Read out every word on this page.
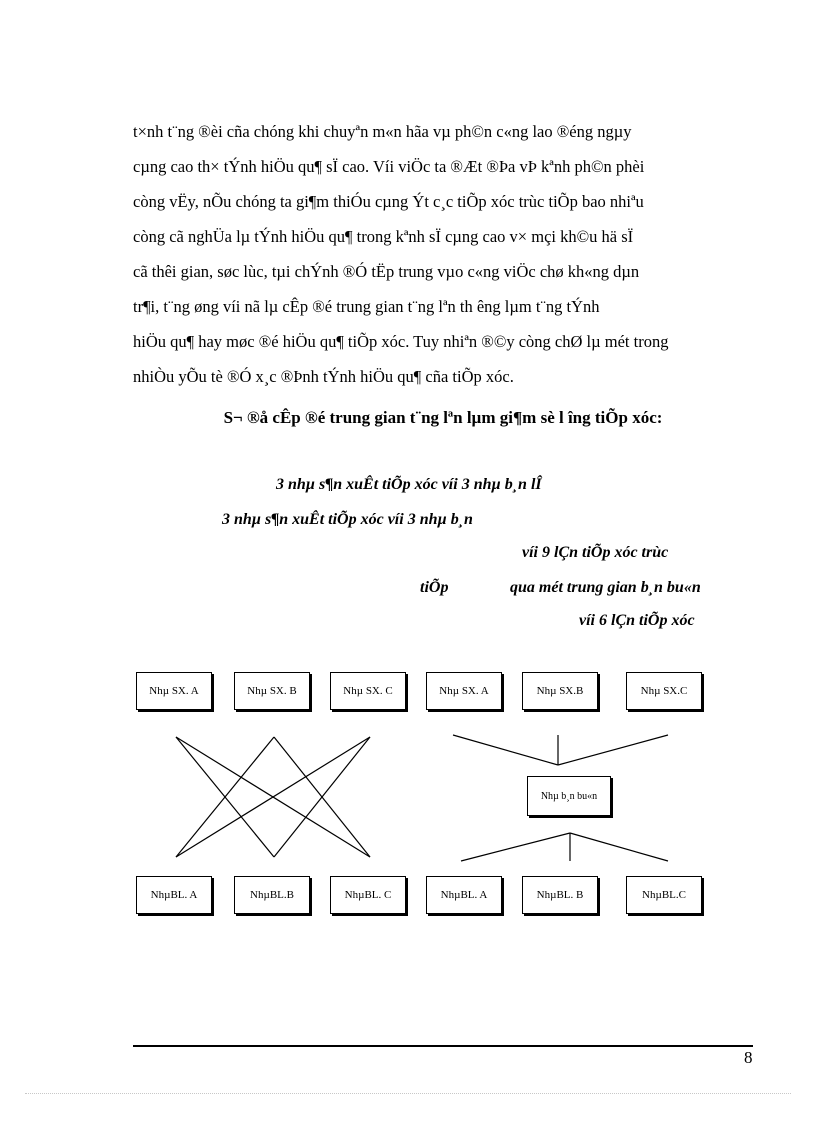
t×nh t¨ng ®èi cña chóng khi chuyªn m«n hãa vµ ph©n c«ng lao ®éng ngµy
cµng cao th× tÝnh hiÖu qu¶ sÏ cao. Víi viÖc ta ®Æt ®Þa vÞ kªnh ph©n phèi
còng vËy, nÕu chóng ta gi¶m thiÓu cµng Ýt c¸c tiÕp xóc trùc tiÕp bao nhiªu
còng cã nghÜa lµ tÝnh hiÖu qu¶ trong kªnh sÏ cµng cao v× mçi kh©u hä sÏ
cã thêi gian, søc lùc, tµi chÝnh ®Ó tËp trung vµo c«ng viÖc chø kh«ng dµn
tr¶i, t¨ng øng víi nã lµ cÊp ®é trung gian t¨ng lªn th êng lµm t¨ng tÝnh
hiÖu qu¶ hay møc ®é hiÖu qu¶ tiÕp xóc. Tuy nhiªn ®©y còng chØ lµ mét trong
nhiÒu yÕu tè ®Ó x¸c ®Þnh tÝnh hiÖu qu¶ cña tiÕp xóc.
S¬ ®å cÊp ®é trung gian t¨ng lªn lµm gi¶m sè l îng tiÕp xóc:
3 nhµ s¶n xuÊt tiÕp xóc víi 3 nhµ b¸n lÎ
3 nhµ s¶n xuÊt tiÕp xóc víi 3 nhµ b¸n
víi 9 lÇn tiÕp xóc trùc
tiÕp	qua mét trung gian b¸n bu«n
víi 6 lÇn tiÕp xóc
Nhµ SX. A	Nhµ SX. B	Nhµ SX. C	Nhµ SX. A	Nhµ SX.B	Nhµ SX.C
Nhµ b¸n bu«n
NhµBL. A	NhµBL.B	NhµBL. C	NhµBL. A	NhµBL. B	NhµBL.C
8
